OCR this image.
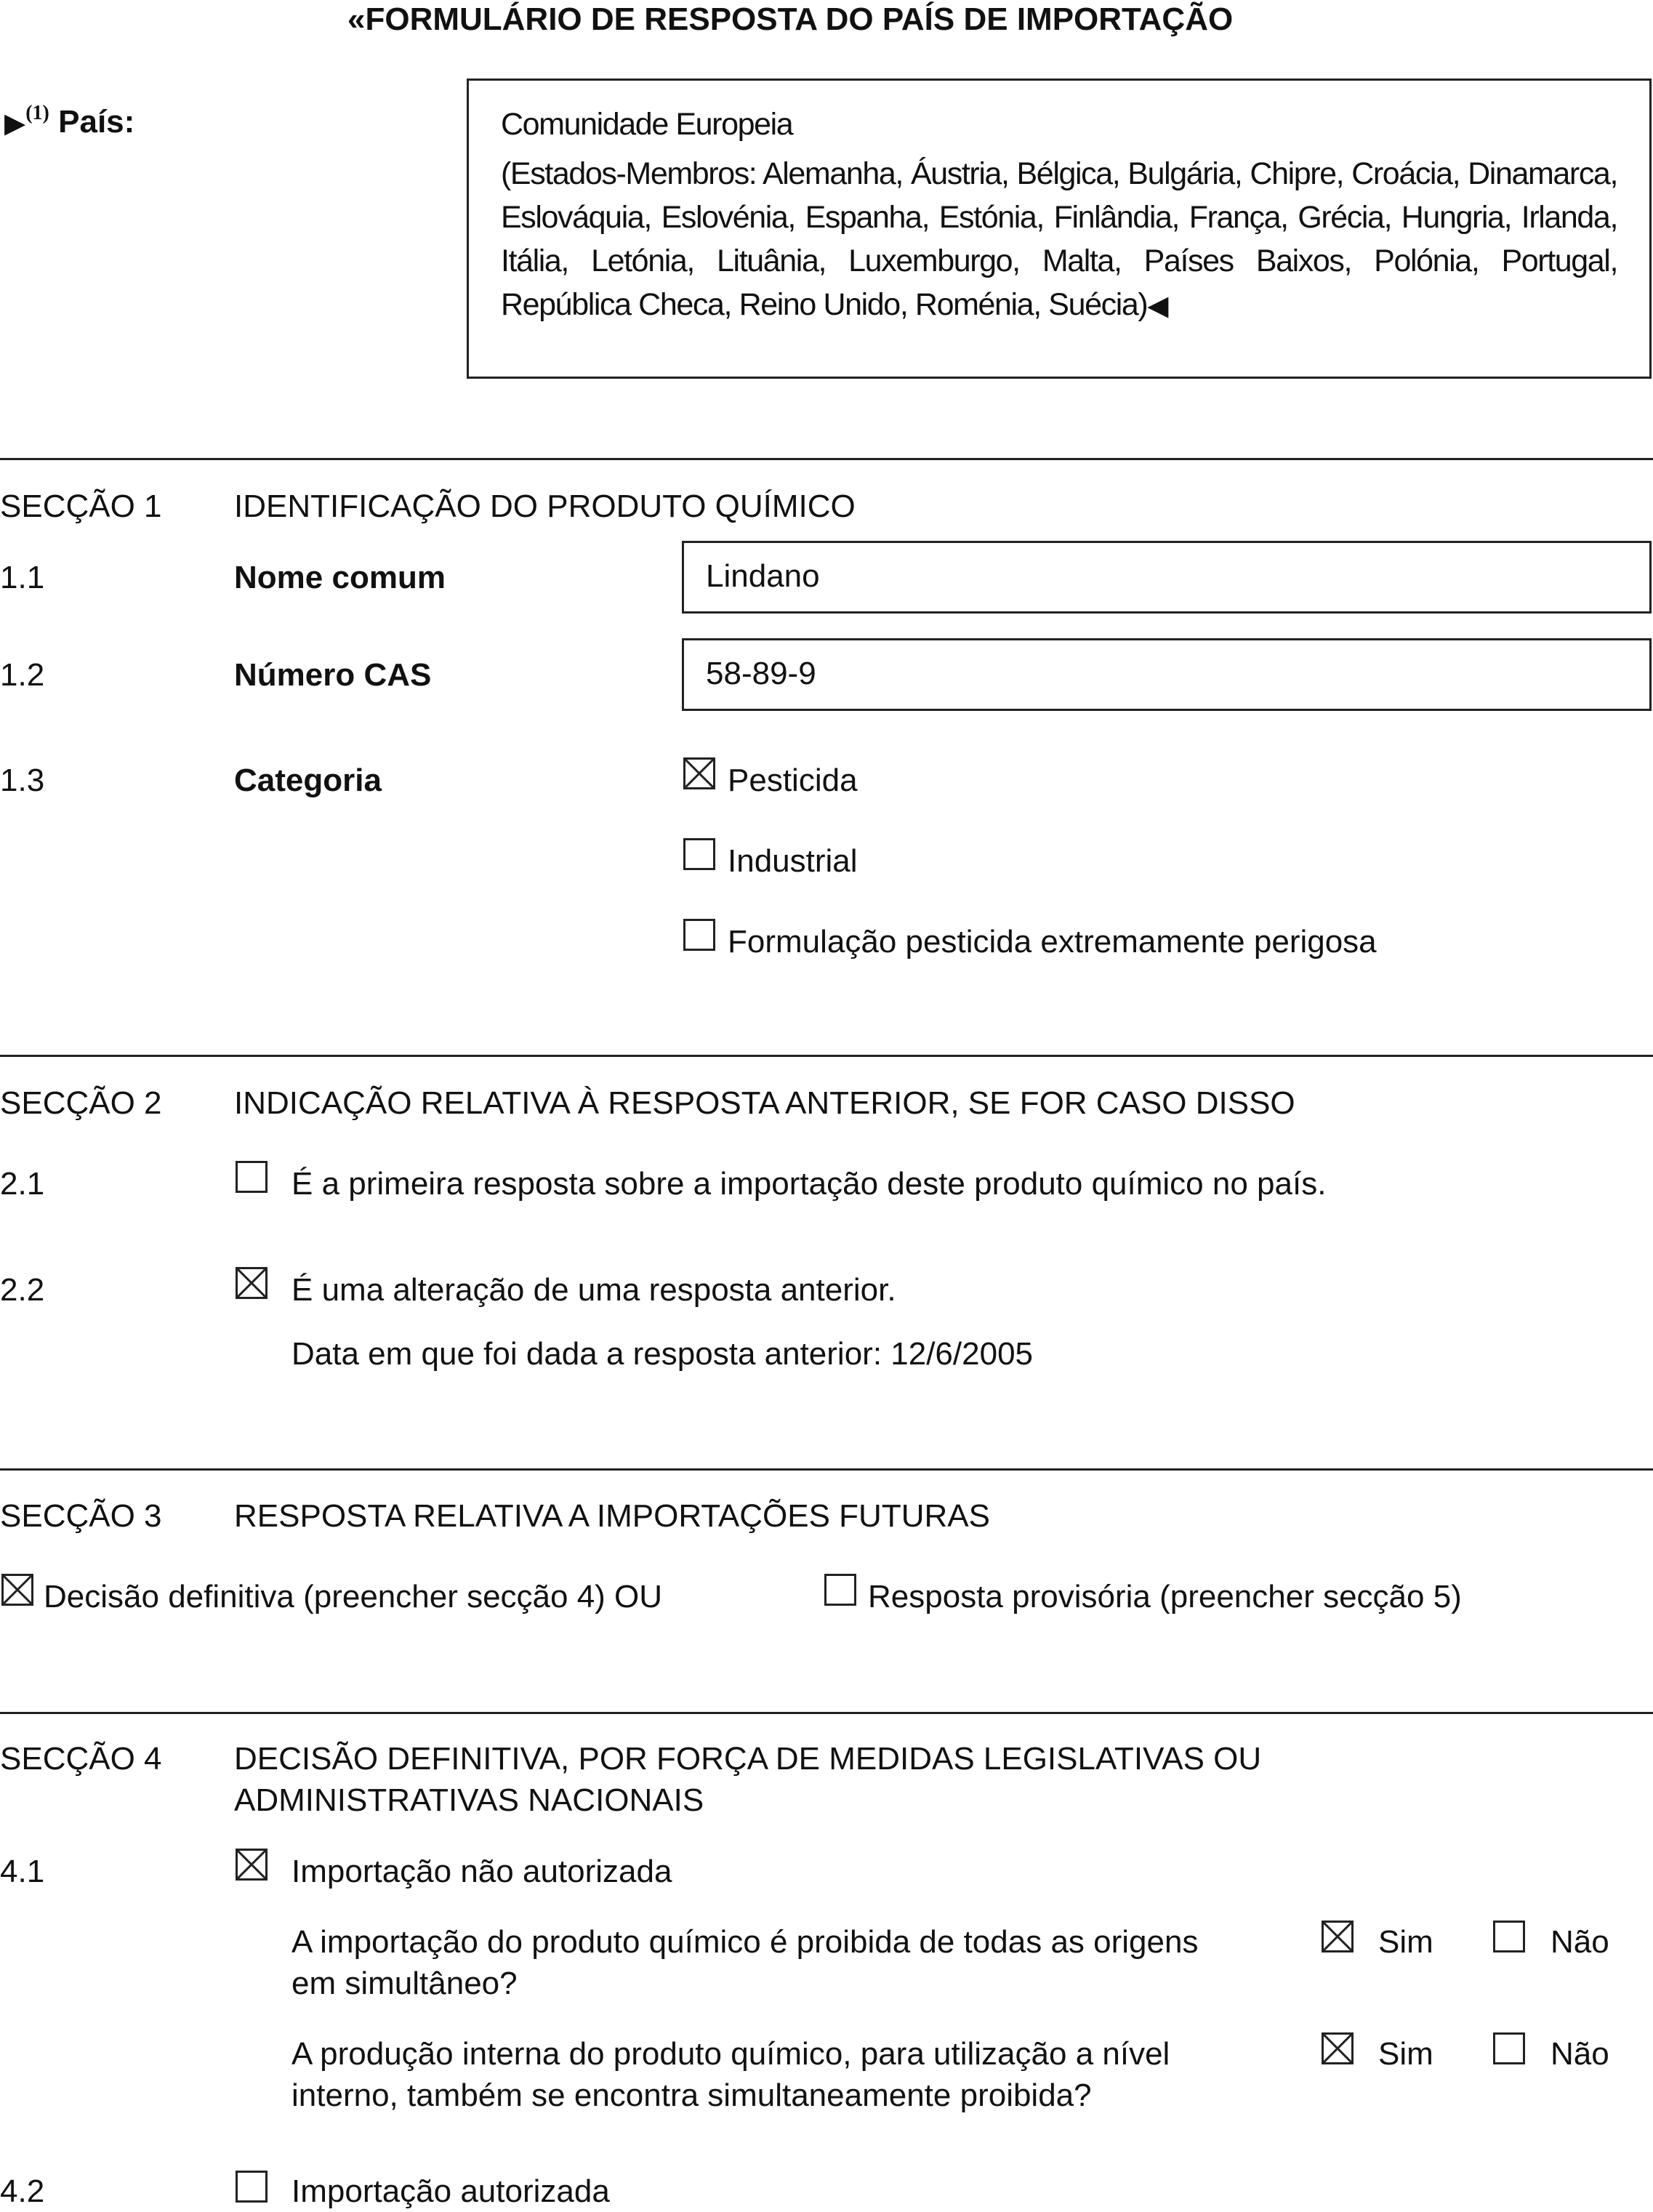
«FORMULÁRIO DE RESPOSTA DO PAÍS DE IMPORTAÇÃO
▶$^{(1)}$ País:	Comunidade Europeia

(Estados-Membros: Alemanha, Áustria, Bélgica, Bulgária, Chipre, Croácia, Dinamarca, Eslováquia, Eslovénia, Espanha, Estónia, Finlândia, França, Grécia, Hungria, Irlanda, Itália, Letónia, Lituânia, Luxemburgo, Malta, Países Baixos, Polónia, Portugal, República Checa, Reino Unido, Roménia, Suécia)◀

SECÇÃO 1 IDENTIFICAÇÃO DO PRODUTO QUÍMICO
1.1	Nome comum	Lindano
1.2	Número CAS	58-89-9
1.3	Categoria	Pesticida
Industrial
Formulação pesticida extremamente perigosa
SECÇÃO 2 INDICAÇÃO RELATIVA À RESPOSTA ANTERIOR, SE FOR CASO DISSO
2.1	É a primeira resposta sobre a importação deste produto químico no país.
2.2	É uma alteração de uma resposta anterior.
Data em que foi dada a resposta anterior: 12/6/2005
SECÇÃO 3 RESPOSTA RELATIVA A IMPORTAÇÕES FUTURAS
Decisão definitiva (preencher secção 4) OU	Resposta provisória (preencher secção 5)
SECÇÃO 4 DECISÃO DEFINITIVA, POR FORÇA DE MEDIDAS LEGISLATIVAS OU
ADMINISTRATIVAS NACIONAIS
4.1	Importação não autorizada
A importação do produto químico é proibida de todas as origens
em simultâneo?
Sim	Não
A produção interna do produto químico, para utilização a nível
interno, também se encontra simultaneamente proibida?
Sim	Não
4.2	Importação autorizada
